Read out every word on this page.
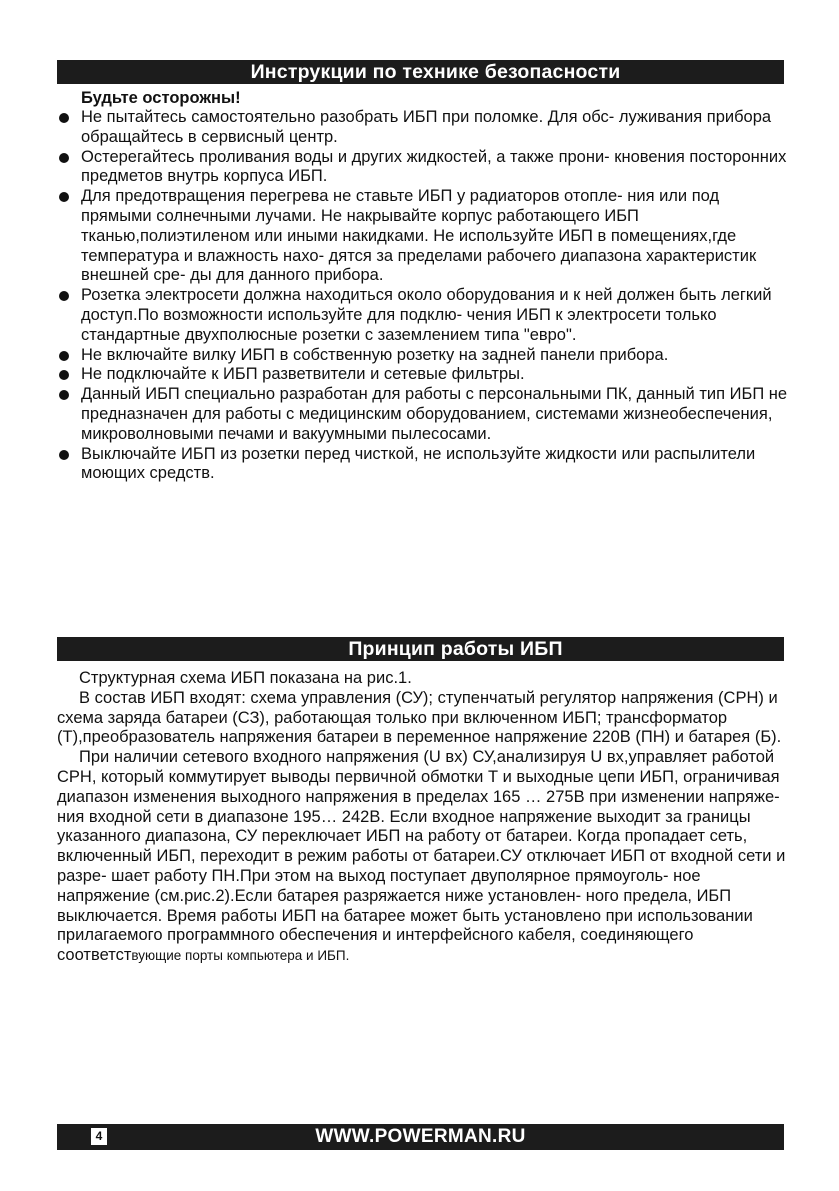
Инструкции по технике безопасности
Будьте осторожны!
Не пытайтесь самостоятельно разобрать ИБП при поломке. Для обс- луживания прибора обращайтесь в сервисный центр.
Остерегайтесь проливания воды и других жидкостей, а также прони- кновения посторонних предметов внутрь корпуса ИБП.
Для предотвращения перегрева не ставьте ИБП у радиаторов отопле- ния или под прямыми солнечными лучами. Не накрывайте корпус работающего ИБП тканью,полиэтиленом или иными накидками. Не используйте ИБП в помещениях,где температура и влажность нахо- дятся за пределами рабочего диапазона характеристик внешней сре- ды для данного прибора.
Розетка электросети должна находиться около оборудования и к ней должен быть легкий доступ.По возможности используйте для подклю- чения ИБП к электросети только стандартные двухполюсные розетки с заземлением типа "евро".
Не включайте вилку ИБП в собственную розетку на задней панели прибора.
Не подключайте к ИБП разветвители и сетевые фильтры.
Данный ИБП специально разработан для работы с персональными ПК, данный тип ИБП не предназначен для работы с медицинским оборудованием, системами жизнеобеспечения, микроволновыми печами и вакуумными пылесосами.
Выключайте ИБП из розетки перед чисткой, не используйте жидкости или распылители моющих средств.
Принцип работы ИБП

Структурная схема ИБП показана на рис.1.

В состав ИБП входят: схема управления (СУ); ступенчатый регулятор напряжения (СРН) и схема заряда батареи (СЗ), работающая только при включенном ИБП; трансформатор (Т),преобразователь напряжения батареи в переменное напряжение 220В (ПН) и батарея (Б).

При наличии сетевого входного напряжения (U вх) СУ,анализируя U вх,управляет работой СРН, который коммутирует выводы первичной обмотки Т и выходные цепи ИБП, ограничивая диапазон изменения выходного напряжения в пределах 165 … 275В при изменении напряже- ния входной сети в диапазоне 195… 242В. Если входное напряжение выходит за границы указанного диапазона, СУ переключает ИБП на работу от батареи. Когда пропадает сеть, включенный ИБП, переходит в режим работы от батареи.СУ отключает ИБП от входной сети и разре- шает работу ПН.При этом на выход поступает двуполярное прямоуголь- ное напряжение (см.рис.2).Если батарея разряжается ниже установлен- ного предела, ИБП выключается. Время работы ИБП на батарее может быть установлено при использовании прилагаемого программного обеспечения и интерфейсного кабеля, соединяющего соответствующие порты компьютера и ИБП.

4	WWW.POWERMAN.RU
